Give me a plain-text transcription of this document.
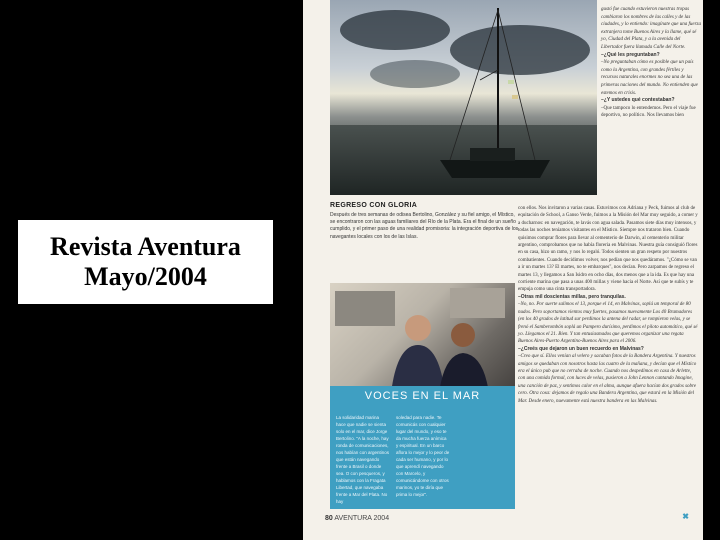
Revista Aventura
Mayo/2004
REGRESO CON GLORIA
Después de tres semanas de odisea Bertolino, González y su fiel amigo, el Místico, se encontraron con las aguas familiares del Río de la Plata. Era el final de un sueño cumplido, y el primer paso de una realidad promisoria: la integración deportiva de los navegantes locales con los de las Islas.
gustó fue cuando estuvieron nuestras tropas cambiaron los nombres de las calles y de las ciudades, y lo entiendo: imagínate que una fuerza extranjera tome Buenos Aires y la llame, qué sé yo, Ciudad del Plata, y a la avenida del Libertador fuera llamada Calle del Norte.
–¿Qué les preguntaban?
–No preguntaban cómo es posible que un país como la Argentina, con grandes fértiles y recursos naturales enormes no sea una de las primeras naciones del mundo. No entienden que estemos en crisis.
–¿Y ustedes qué contestaban?
–Que tampoco lo entendemos. Pero el viaje fue deportivo, no político. Nos llevamos bien
VOCES EN EL MAR
La solidaridad marina hace que nadie se sienta solo en el mar, dice Jorge Bertolino. "A la noche, hay ronda de comunicaciones, nos habían con argentinos que están navegando frente a Brasil o donde sea. O con pesqueros, y hablamos con la Fragata Libertad, que navegaba frente a Mar del Plata. No hay
soledad para nadie. Te comunicás con cualquier lugar del mundo, y eso te da mucha fuerza anímica y espiritual. En un barco aflora lo mejor y lo peor de cada ser humano, y por lo que aprendí navegando con Marcelo, y comunicándome con otros marinos, yo te diría que prima lo mejor".

con ellos. Nos invitaron a varias casas. Estuvimos con Adriana y Peck, fuimos al club de equitación de School, a Ganso Verde, fuimos a la Misión del Mar muy seguido, a comer y a ducharnos: en navegación, te lavás con agua salada. Pasamos siete días muy intensos, y todas las noches teníamos visitantes en el Místico. Siempre nos trataron bien. Cuando quisimos comprar flores para llevar al cementerio de Darwin, al cementerio militar argentino, comprobamos que no había floreria en Malvinas. Nuestra guía consiguió flores en su casa, hizo un ramo, y nos lo regaló. Todos sienten un gran respeto por nuestros combatientes. Cuando decidimos volver, nos pedían que nos quedáramos. "¿Cómo se van a ir un martes 13? El martes, no te embarques", nos decían. Pero zarpamos de regreso el martes 13, y llegamos a San Isidro en ocho días, dos menos que a la ida. Es que hay una corriente marina que pasa a unas 400 millas y viene hacia el Norte. Así que te subís y te empuja como una cinta transportadora.

–Otras mil doscientas millas, pero tranquilas.

–No, no. Por suerte salimos el 13, porque el 14, en Malvinas, soplá un temporal de 80 nudos. Pero soportamos vientos muy fuertes, pasamos nuevamente Los 40 Bramadores (en los 40 grados de latitud sur perdimos la antena del radar, se rompieron velas, y se frenó el Samberombón soplá un Pampero durísimo, perdimos el piloto automático, qué sé yo. Llegamos el 21. Bien. Y tan entusiasmados que queremos organizar una regata Buenos Aires-Puerto Argentino-Buenos Aires para el 2006.

–¿Creés que dejaron un buen recuerdo en Malvinas?

–Creo que sí. Ellos venían al velero y sacaban fotos de la Bandera Argentina. Y nuestros amigos se quedaban con nosotros hasta las cuatro de la mañana, y decían que el Místico era el único pub que no cerraba de noche. Cuando nos despedimos en casa de Arlette, con una comida formal, con luces de velas, pusieron a John Lennon cantando Imagine, una canción de paz, y sentimos calor en el alma, aunque afuera hacían dos grados sobre cero. Otra cosa: dejamos de regalo una Bandera Argentina, que estará en la Misión del Mar. Desde enero, nuevamente está nuestra bandera en las Malvinas.

80 AVENTURA 2004	✖
